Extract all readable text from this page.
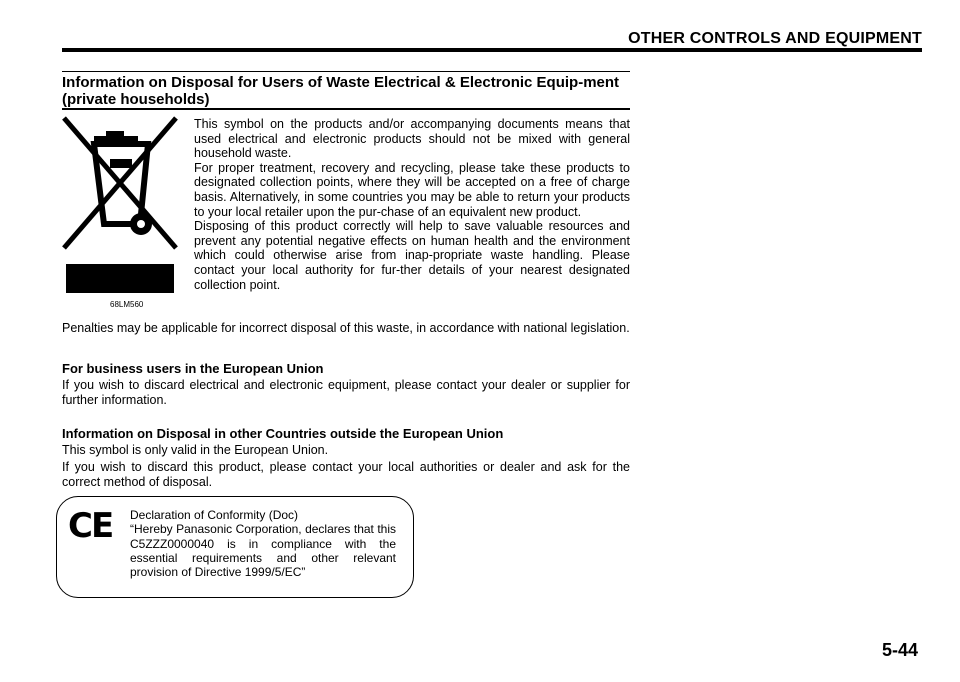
OTHER CONTROLS AND EQUIPMENT
Information on Disposal for Users of Waste Electrical & Electronic Equip-ment (private households)
68LM560

This symbol on the products and/or accompanying documents means that used electrical and electronic products should not be mixed with general household waste.

For proper treatment, recovery and recycling, please take these products to designated collection points, where they will be accepted on a free of charge basis. Alternatively, in some countries you may be able to return your products to your local retailer upon the pur-chase of an equivalent new product.

Disposing of this product correctly will help to save valuable resources and prevent any potential negative effects on human health and the environment which could otherwise arise from inap-propriate waste handling. Please contact your local authority for fur-ther details of your nearest designated collection point.

Penalties may be applicable for incorrect disposal of this waste, in accordance with national legislation.
For business users in the European Union
If you wish to discard electrical and electronic equipment, please contact your dealer or supplier for further information.
Information on Disposal in other Countries outside the European Union
This symbol is only valid in the European Union.
If you wish to discard this product, please contact your local authorities or dealer and ask for the correct method of disposal.
CE Declaration of Conformity (Doc)
“Hereby Panasonic Corporation, declares that this C5ZZZ0000040 is in compliance with the essential requirements and other relevant provision of Directive 1999/5/EC”
5-44
